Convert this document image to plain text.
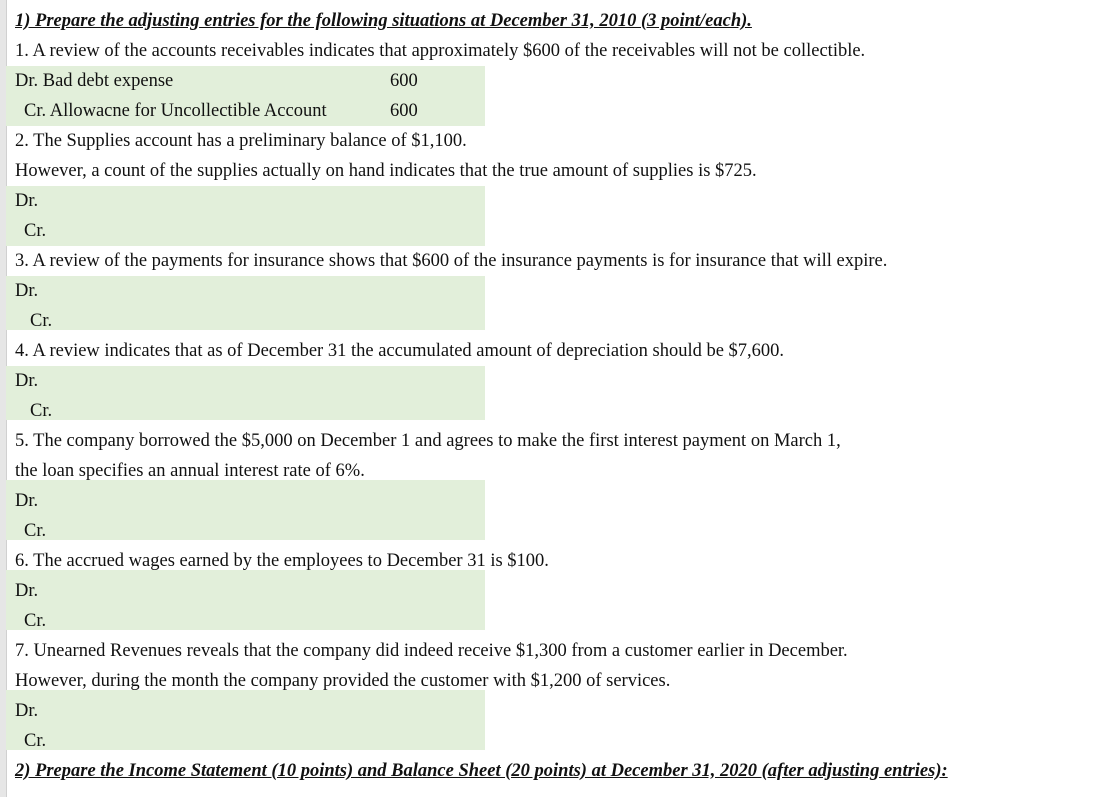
1) Prepare the adjusting entries for the following situations at December 31, 2010 (3 point/each).
1. A review of the accounts receivables indicates that approximately $600 of the receivables will not be collectible.
Dr. Bad debt expense	600
Cr. Allowacne for Uncollectible Account	600
2. The Supplies account has a preliminary balance of $1,100.
However, a count of the supplies actually on hand indicates that the true amount of supplies is $725.
Dr.
Cr.
3. A review of the payments for insurance shows that $600 of the insurance payments is for insurance that will expire.
Dr.
Cr.
4. A review indicates that as of December 31 the accumulated amount of depreciation should be $7,600.
Dr.
Cr.
5. The company borrowed the $5,000 on December 1 and agrees to make the first interest payment on March 1,
the loan specifies an annual interest rate of 6%.
Dr.
Cr.
6. The accrued wages earned by the employees to December 31 is $100.
Dr.
Cr.
7. Unearned Revenues reveals that the company did indeed receive $1,300 from a customer earlier in December.
However, during the month the company provided the customer with $1,200 of services.
Dr.
Cr.
2) Prepare the Income Statement (10 points) and Balance Sheet (20 points) at December 31, 2020 (after adjusting entries):
